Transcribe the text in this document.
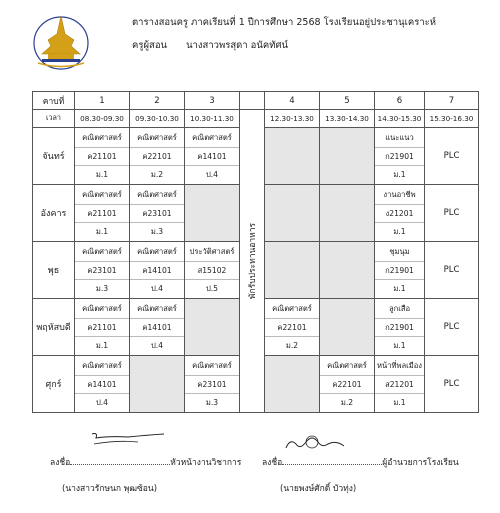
ตารางสอนครู ภาคเรียนที่ 1 ปีการศึกษา 2568 โรงเรียนอยู่ประชานุเคราะห์
ครูผู้สอน นางสาวพรสุดา อนัคทัศน์
คาบที่	1	2	3		4	5	6	7
เวลา	08.30-09.30	09.30-10.30	10.30-11.30	พักรับประทานอาหาร	12.30-13.30	13.30-14.30	14.30-15.30	15.30-16.30
จันทร์	คณิตศาสตร์
ค21101
ม.1	คณิตศาสตร์
ค22101
ม.2	คณิตศาสตร์
ค14101
ป.4				แนะแนว
ก21901
ม.1	PLC
อังคาร	คณิตศาสตร์
ค21101
ม.1	คณิตศาสตร์
ค23101
ม.3					งานอาชีพ
ง21201
ม.1	PLC
พุธ	คณิตศาสตร์
ค23101
ม.3	คณิตศาสตร์
ค14101
ป.4	ประวัติศาสตร์
ส15102
ป.5				ชุมนุม
ก21901
ม.1	PLC
พฤหัสบดี	คณิตศาสตร์
ค21101
ม.1	คณิตศาสตร์
ค14101
ป.4			คณิตศาสตร์
ค22101
ม.2		ลูกเสือ
ก21901
ม.1	PLC
ศุกร์	คณิตศาสตร์
ค14101
ป.4		คณิตศาสตร์
ค23101
ม.3			คณิตศาสตร์
ค22101
ม.2	หน้าที่พลเมือง
ส21201
ม.1	PLC
ลงชื่อ	หัวหน้างานวิชาการ
(นางสาวรักษนก พุฒซ้อน)
ลงชื่อ	ผู้อำนวยการโรงเรียน
(นายพงษ์ศักดิ์ บัวทุ่ง)
